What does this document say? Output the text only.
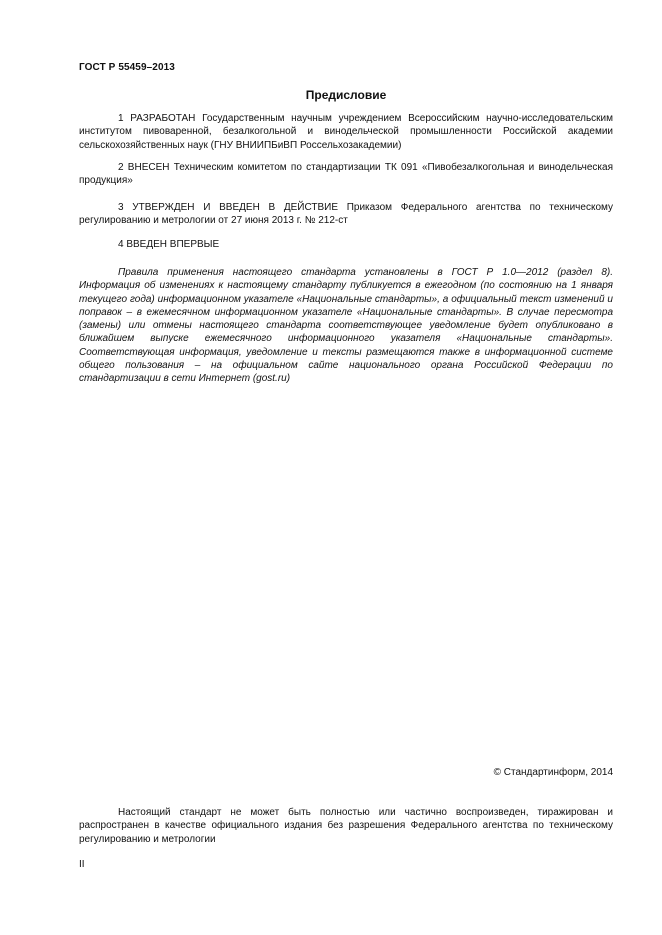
ГОСТ Р 55459–2013
Предисловие

1 РАЗРАБОТАН Государственным научным учреждением Всероссийским научно-исследовательским институтом пивоваренной, безалкогольной и винодельческой промышленности Российской академии сельскохозяйственных наук (ГНУ ВНИИПБиВП Россельхозакадемии)

2 ВНЕСЕН Техническим комитетом по стандартизации ТК 091 «Пивобезалкогольная и винодельческая продукция»

3 УТВЕРЖДЕН И ВВЕДЕН В ДЕЙСТВИЕ Приказом Федерального агентства по техническому регулированию и метрологии от 27 июня 2013 г. № 212-ст

4 ВВЕДЕН ВПЕРВЫЕ

Правила применения настоящего стандарта установлены в ГОСТ Р 1.0—2012 (раздел 8). Информация об изменениях к настоящему стандарту публикуется в ежегодном (по состоянию на 1 января текущего года) информационном указателе «Национальные стандарты», а официальный текст изменений и поправок – в ежемесячном информационном указателе «Национальные стандарты». В случае пересмотра (замены) или отмены настоящего стандарта соответствующее уведомление будет опубликовано в ближайшем выпуске ежемесячного информационного указателя «Национальные стандарты». Соответствующая информация, уведомление и тексты размещаются также в информационной системе общего пользования – на официальном сайте национального органа Российской Федерации по стандартизации в сети Интернет (gost.ru)

© Стандартинформ, 2014

Настоящий стандарт не может быть полностью или частично воспроизведен, тиражирован и распространен в качестве официального издания без разрешения Федерального агентства по техническому регулированию и метрологии

II
